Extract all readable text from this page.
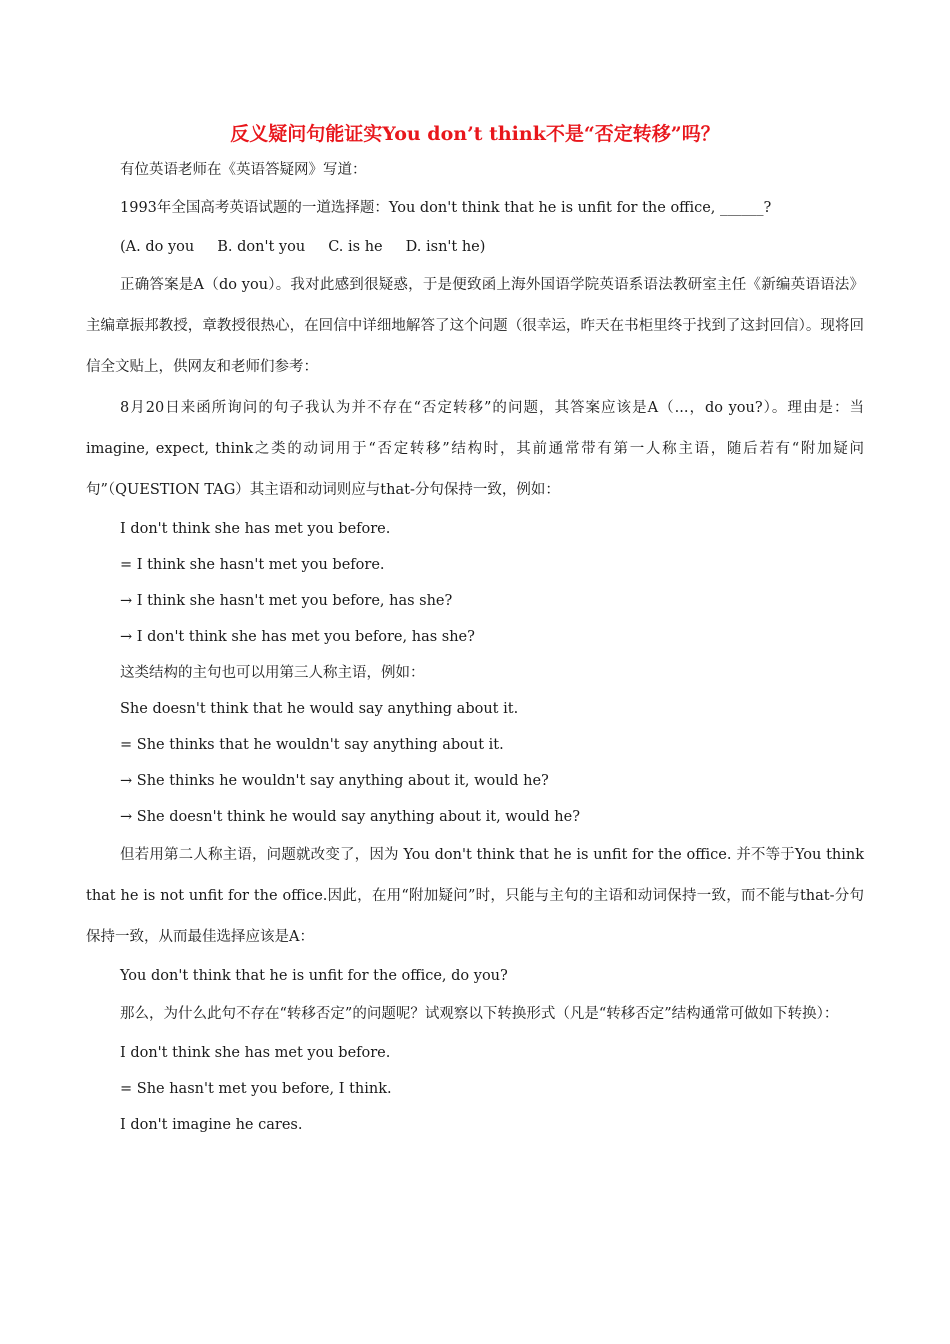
反义疑问句能证实You don’t think不是“否定转移”吗？

有位英语老师在《英语答疑网》写道：

1993年全国高考英语试题的一道选择题：You don't think that he is unfit for the office, ______?

(A. do you     B. don't you     C. is he     D. isn't he)

正确答案是A（do you）。我对此感到很疑惑，于是便致函上海外国语学院英语系语法教研室主任《新编英语语法》主编章振邦教授，章教授很热心，在回信中详细地解答了这个问题（很幸运，昨天在书柜里终于找到了这封回信）。现将回信全文贴上，供网友和老师们参考：

8月20日来函所询问的句子我认为并不存在“否定转移”的问题，其答案应该是A（...，do you?）。理由是：当imagine, expect, think之类的动词用于“否定转移”结构时，其前通常带有第一人称主语，随后若有“附加疑问句”（QUESTION TAG）其主语和动词则应与that-分句保持一致，例如：

I don't think she has met you before.

= I think she hasn't met you before.

→ I think she hasn't met you before, has she?

→ I don't think she has met you before, has she?

这类结构的主句也可以用第三人称主语，例如：

She doesn't think that he would say anything about it.

= She thinks that he wouldn't say anything about it.

→ She thinks he wouldn't say anything about it, would he?

→ She doesn't think he would say anything about it, would he?

但若用第二人称主语，问题就改变了，因为 You don't think that he is unfit for the office. 并不等于You think that he is not unfit for the office.因此，在用“附加疑问”时，只能与主句的主语和动词保持一致，而不能与that-分句保持一致，从而最佳选择应该是A：

You don't think that he is unfit for the office, do you?

那么，为什么此句不存在“转移否定”的问题呢？试观察以下转换形式（凡是“转移否定”结构通常可做如下转换）：

I don't think she has met you before.

= She hasn't met you before, I think.

I don't imagine he cares.
